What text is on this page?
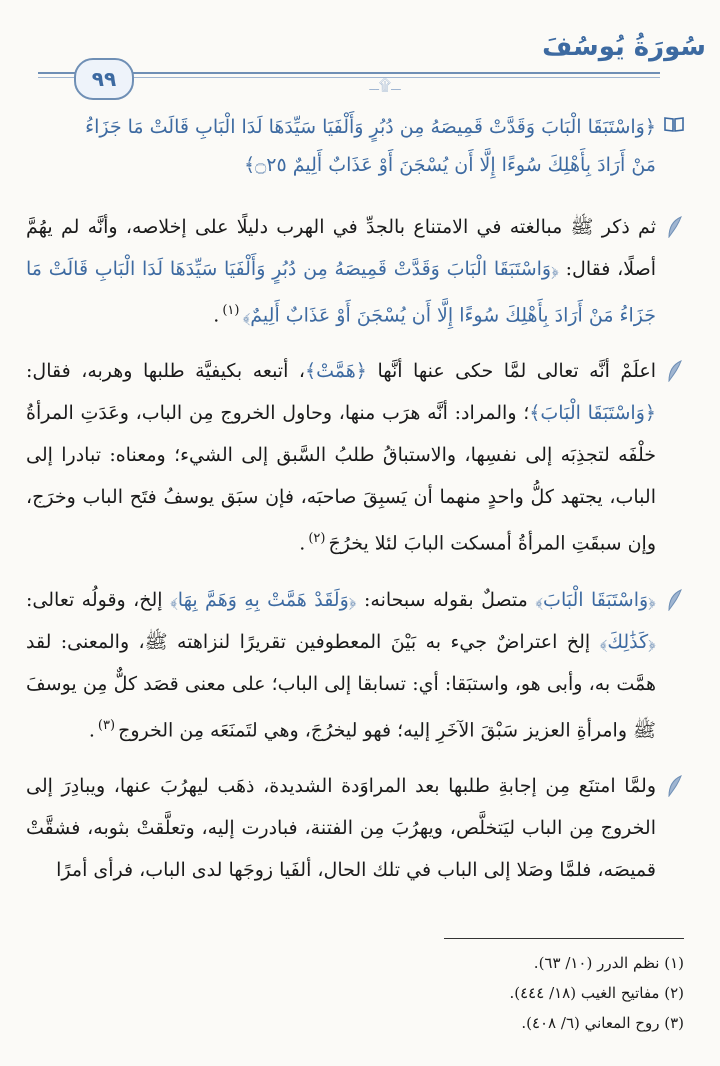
سُورَةُ يُوسُفَ
ـــ۩ـــ
٩٩
﴿وَاسْتَبَقَا الْبَابَ وَقَدَّتْ قَمِيصَهُ مِن دُبُرٍ وَأَلْفَيَا سَيِّدَهَا لَدَا الْبَابِ قَالَتْ مَا جَزَاءُ
مَنْ أَرَادَ بِأَهْلِكَ سُوءًا إِلَّا أَن يُسْجَنَ أَوْ عَذَابٌ أَلِيمٌ ۝٢٥﴾
ثم ذكر ﷺ مبالغته في الامتناع بالجدِّ في الهرب دليلًا على إخلاصه، وأنَّه لم يهُمَّ أصلًا، فقال: ﴿وَاسْتَبَقَا الْبَابَ وَقَدَّتْ قَمِيصَهُ مِن دُبُرٍ وَأَلْفَيَا سَيِّدَهَا لَدَا الْبَابِ قَالَتْ مَا جَزَاءُ مَنْ أَرَادَ بِأَهْلِكَ سُوءًا إِلَّا أَن يُسْجَنَ أَوْ عَذَابٌ أَلِيمٌ﴾$^{(١)}$.
اعلَمْ أنَّه تعالى لمَّا حكى عنها أنَّها ﴿هَمَّتْ﴾، أتبعه بكيفيَّة طلبها وهربه، فقال: ﴿وَاسْتَبَقَا الْبَابَ﴾؛ والمراد: أنَّه هرَب منها، وحاول الخروج مِن الباب، وعَدَتِ المرأةُ خلْفَه لتجذِبَه إلى نفسِها، والاستباقُ طلبُ السَّبق إلى الشيء؛ ومعناه: تبادرا إلى الباب، يجتهد كلُّ واحدٍ منهما أن يَسبِقَ صاحبَه، فإن سبَق يوسفُ فتَح الباب وخرَج، وإن سبقَتِ المرأةُ أمسكت البابَ لئلا يخرُجَ$^{(٢)}$.
﴿وَاسْتَبَقَا الْبَابَ﴾ متصلٌ بقوله سبحانه: ﴿وَلَقَدْ هَمَّتْ بِهِ وَهَمَّ بِهَا﴾ إلخ، وقولُه تعالى: ﴿كَذَٰلِكَ﴾ إلخ اعتراضٌ جيء به بَيْنَ المعطوفين تقريرًا لنزاهته ﷺ، والمعنى: لقد همَّت به، وأبى هو، واستبَقا: أي: تسابقا إلى الباب؛ على معنى قصَد كلٌّ مِن يوسفَ ﷺ وامرأةِ العزيز سَبْقَ الآخَرِ إليه؛ فهو ليخرُجَ، وهي لتَمنَعَه مِن الخروج$^{(٣)}$.
ولمَّا امتنَع مِن إجابةِ طلبها بعد المراوَدة الشديدة، ذهَب ليهرُبَ عنها، ويبادِرَ إلى الخروج مِن الباب ليَتخلَّص، ويهرُبَ مِن الفتنة، فبادرت إليه، وتعلَّقتْ بثوبه، فشقَّتْ قميصَه، فلمَّا وصَلا إلى الباب في تلك الحال، ألفَيا زوجَها لدى الباب، فرأى أمرًا
(١) نظم الدرر (١٠/ ٦٣).
(٢) مفاتيح الغيب (١٨/ ٤٤٤).
(٣) روح المعاني (٦/ ٤٠٨).
